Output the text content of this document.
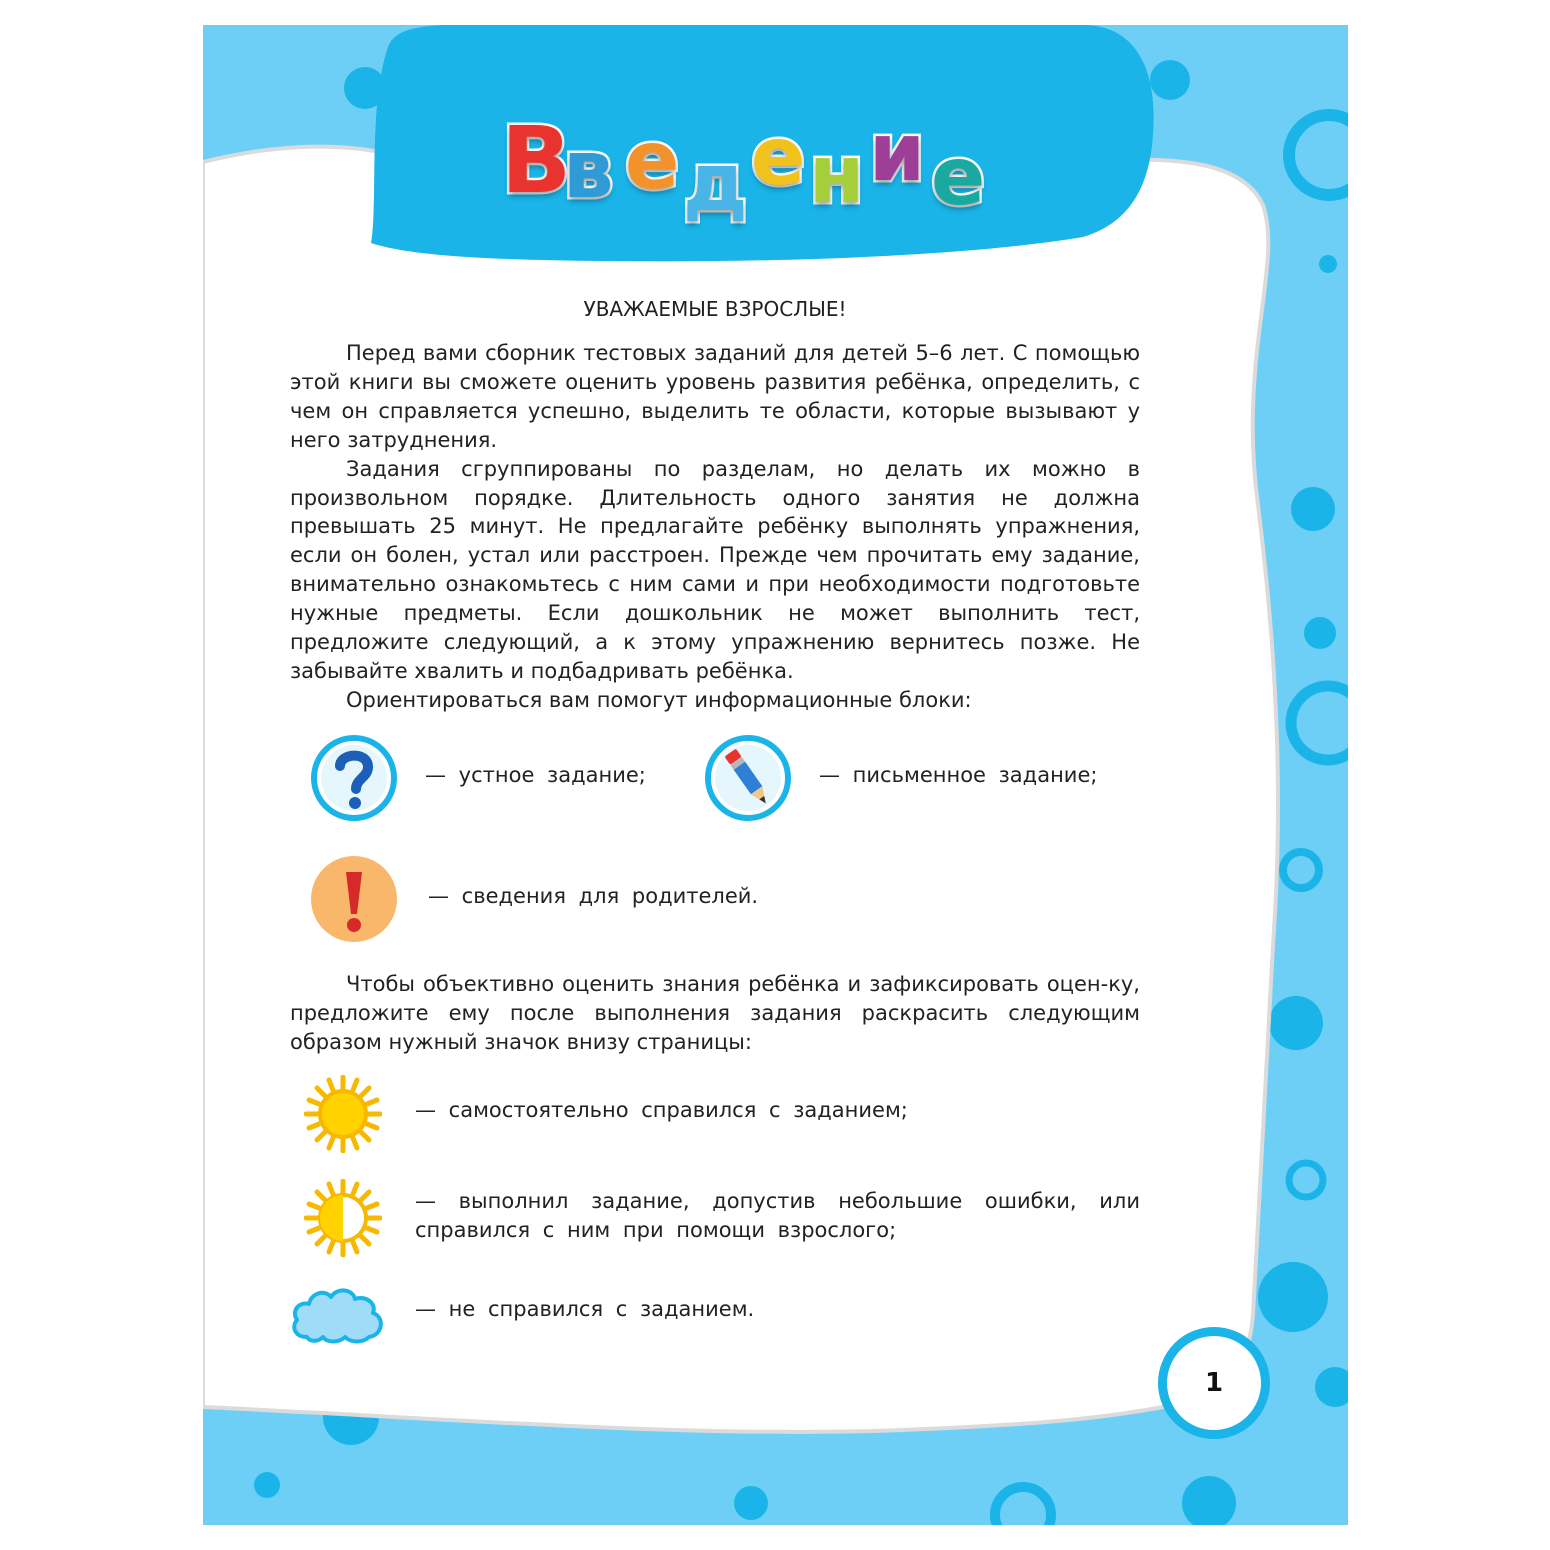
В
в е д е н и е
УВАЖАЕМЫЕ ВЗРОСЛЫЕ!

Перед вами сборник тестовых заданий для детей 5–6 лет. С помощью этой книги вы сможете оценить уровень развития ребёнка, определить, с чем он справляется успешно, выделить те области, которые вызывают у него затруднения.

Задания сгруппированы по разделам, но делать их можно в произвольном порядке. Длительность одного занятия не должна превышать 25 минут. Не предлагайте ребёнку выполнять упражнения, если он болен, устал или расстроен. Прежде чем прочитать ему задание, внимательно ознакомьтесь с ним сами и при необходимости подготовьте нужные предметы. Если дошкольник не может выполнить тест, предложите следующий, а к этому упражнению вернитесь позже. Не забывайте хвалить и подбадривать ребёнка.

Ориентироваться вам помогут информационные блоки:

— устное задание;	— письменное задание;
— сведения для родителей.

Чтобы объективно оценить знания ребёнка и зафиксировать оцен-ку, предложите ему после выполнения задания раскрасить следующим образом нужный значок внизу страницы:

— самостоятельно справился с заданием;
— выполнил задание, допустив небольшие ошибки, или справился с ним при помощи взрослого;
— не справился с заданием.
1
